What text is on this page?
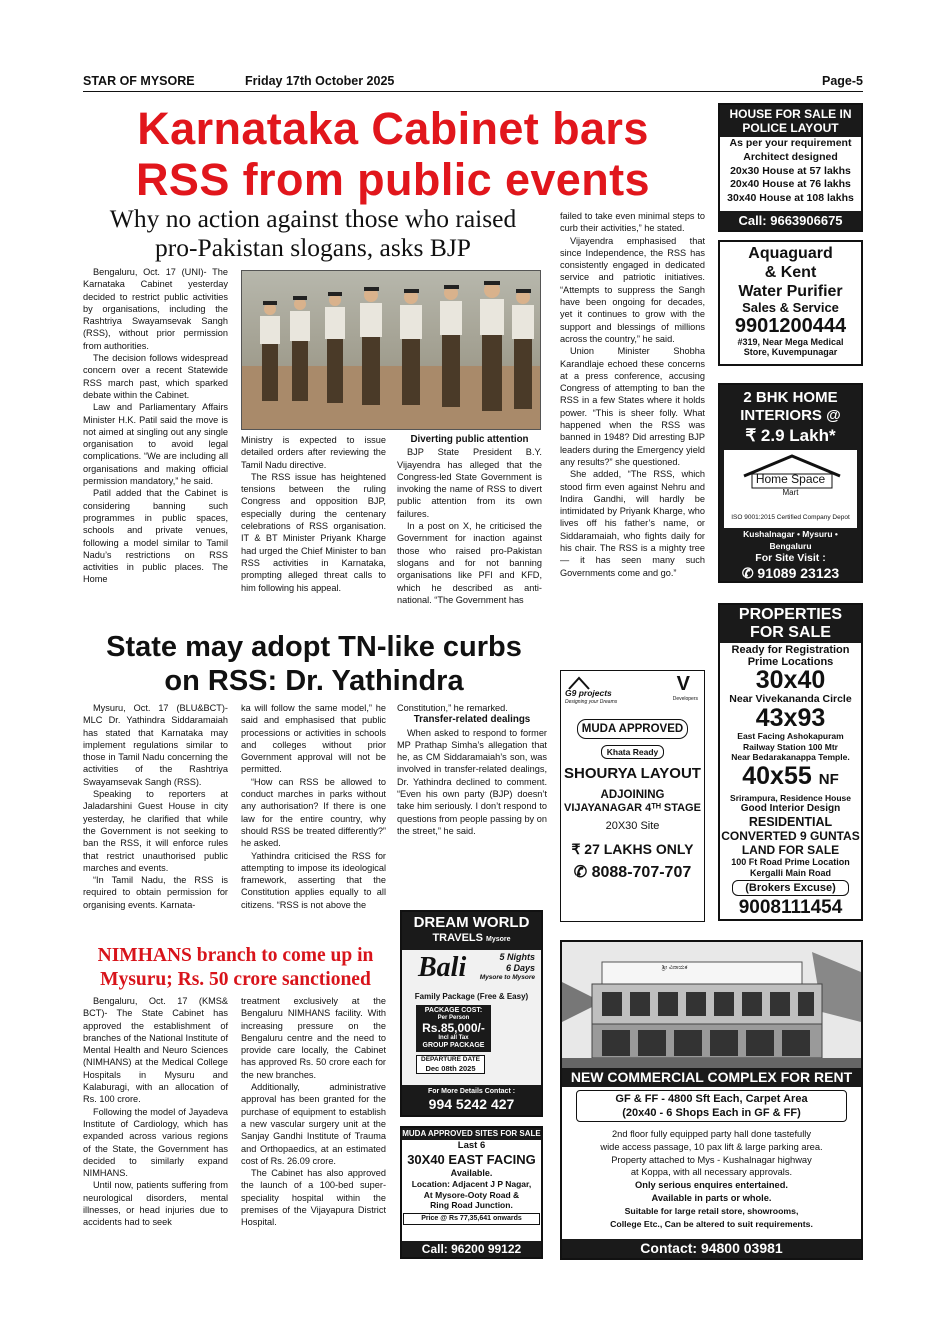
STAR OF MYSORE	Friday 17th October 2025	Page-5
Karnataka Cabinet bars
RSS from public events
Why no action against those who raised
pro-Pakistan slogans, asks BJP

Bengaluru, Oct. 17 (UNI)- The Karnataka Cabinet yesterday decided to restrict public activities by organisations, including the Rashtriya Swayamsevak Sangh (RSS), without prior permission from authorities.

The decision follows widespread concern over a recent Statewide RSS march past, which sparked debate within the Cabinet.

Law and Parliamentary Affairs Minister H.K. Patil said the move is not aimed at singling out any single organisation to avoid legal complications. “We are including all organisations and making official permission mandatory,” he said.

Patil added that the Cabinet is considering banning such programmes in public spaces, schools and private venues, following a model similar to Tamil Nadu’s restrictions on RSS activities in public places. The Home

Ministry is expected to issue detailed orders after reviewing the Tamil Nadu directive.

The RSS issue has heightened tensions between the ruling Congress and opposition BJP, especially during the centenary celebrations of RSS organisation. IT & BT Minister Priyank Kharge had urged the Chief Minister to ban RSS activities in Karnataka, prompting alleged threat calls to him following his appeal.

Diverting public attention

BJP State President B.Y. Vijayendra has alleged that the Congress-led State Government is invoking the name of RSS to divert public attention from its own failures.

In a post on X, he criticised the Government for inaction against those who raised pro-Pakistan slogans and for not banning organisations like PFI and KFD, which he described as anti-national. “The Government has

failed to take even minimal steps to curb their activities,” he stated.

Vijayendra emphasised that since Independence, the RSS has consistently engaged in dedicated service and patriotic initiatives. “Attempts to suppress the Sangh have been ongoing for decades, yet it continues to grow with the support and blessings of millions across the country,” he said.

Union Minister Shobha Karandlaje echoed these concerns at a press conference, accusing Congress of attempting to ban the RSS in a few States where it holds power. “This is sheer folly. What happened when the RSS was banned in 1948? Did arresting BJP leaders during the Emergency yield any results?” she questioned.

She added, “The RSS, which stood firm even against Nehru and Indira Gandhi, will hardly be intimidated by Priyank Kharge, who lives off his father’s name, or Siddaramaiah, who fights daily for his chair. The RSS is a mighty tree — it has seen many such Governments come and go.”

State may adopt TN-like curbs
on RSS: Dr. Yathindra

Mysuru, Oct. 17 (BLU&BCT)- MLC Dr. Yathindra Siddaramaiah has stated that Karnataka may implement regulations similar to those in Tamil Nadu concerning the activities of the Rashtriya Swayamsevak Sangh (RSS).

Speaking to reporters at Jaladarshini Guest House in city yesterday, he clarified that while the Government is not seeking to ban the RSS, it will enforce rules that restrict unauthorised public marches and events.

“In Tamil Nadu, the RSS is required to obtain permission for organising events. Karnata-

ka will follow the same model,” he said and emphasised that public processions or activities in schools and colleges without prior Government approval will not be permitted.

“How can RSS be allowed to conduct marches in parks without any authorisation? If there is one law for the entire country, why should RSS be treated differently?” he asked.

Yathindra criticised the RSS for attempting to impose its ideological framework, asserting that the Constitution applies equally to all citizens. “RSS is not above the

Constitution,” he remarked.

Transfer-related dealings

When asked to respond to former MP Prathap Simha’s allegation that he, as CM Siddaramaiah’s son, was involved in transfer-related dealings, Dr. Yathindra declined to comment. “Even his own party (BJP) doesn’t take him seriously. I don’t respond to questions from people passing by on the street,” he said.

NIMHANS branch to come up in
Mysuru; Rs. 50 crore sanctioned

Bengaluru, Oct. 17 (KMS& BCT)- The State Cabinet has approved the establishment of branches of the National Institute of Mental Health and Neuro Sciences (NIMHANS) at the Medical College Hospitals in Mysuru and Kalaburagi, with an allocation of Rs. 100 crore.

Following the model of Jayadeva Institute of Cardiology, which has expanded across various regions of the State, the Government has decided to similarly expand NIMHANS.

Until now, patients suffering from neurological disorders, mental illnesses, or head injuries due to accidents had to seek

treatment exclusively at the Bengaluru NIMHANS facility. With increasing pressure on the Bengaluru centre and the need to provide care locally, the Cabinet has approved Rs. 50 crore each for the new branches.

Additionally, administrative approval has been granted for the purchase of equipment to establish a new vascular surgery unit at the Sanjay Gandhi Institute of Trauma and Orthopaedics, at an estimated cost of Rs. 26.09 crore.

The Cabinet has also approved the launch of a 100-bed super-speciality hospital within the premises of the Vijayapura District Hospital.

HOUSE FOR SALE IN POLICE LAYOUT
As per your requirement
Architect designed
20x30 House at 57 lakhs
20x40 House at 76 lakhs
30x40 House at 108 lakhs
Call: 9663906675
Aquaguard
& Kent
Water Purifier
Sales & Service
9901200444
#319, Near Mega Medical Store, Kuvempunagar
2 BHK HOME
INTERIORS @
₹ 2.9 Lakh*
Home Space
Mart
ISO 9001:2015 Certified Company Depot
Kushalnagar • Mysuru • Bengaluru
For Site Visit :
✆ 91089 23123
PROPERTIES FOR SALE
Ready for Registration
Prime Locations
30x40
Near Vivekananda Circle
43x93
East Facing Ashokapuram
Railway Station 100 Mtr
Near Bedarakanappa Temple.
40x55 NF
Srirampura, Residence House
Good Interior Design
RESIDENTIAL
CONVERTED 9 GUNTAS
LAND FOR SALE
100 Ft Road Prime Location
Kergalli Main Road
(Brokers Excuse)
9008111454
G9 projects
Designing your Dreams
V
Developers
MUDA APPROVED
Khata Ready
SHOURYA LAYOUT
ADJOINING
VIJAYANAGAR 4ᵀᴴ STAGE
20X30 Site
₹ 27 LAKHS ONLY
✆ 8088-707-707
DREAM WORLD
TRAVELS Mysore
Bali	5 Nights
6 Days
Mysore to Mysore
Family Package (Free & Easy)
PACKAGE COST:
Per Person
Rs.85,000/-
Incl all Tax
GROUP PACKAGE
DEPARTURE DATE
Dec 08th 2025
For More Details Contact :
994 5242 427
MUDA APPROVED SITES FOR SALE
Last 6
30X40 EAST FACING
Available.
Location: Adjacent J P Nagar,
At Mysore-Ooty Road &
Ring Road Junction.
Price @ Rs 77,35,641 onwards
Call: 96200 99122
ಶ್ರೀ ವಿನಾಯಕ
NEW COMMERCIAL COMPLEX FOR RENT
GF & FF - 4800 Sft Each, Carpet Area
(20x40 - 6 Shops Each in GF & FF)
2nd floor fully equipped party hall done tastefully
wide access passage, 10 pax lift & large parking area.
Property attached to Mys - Kushalnagar highway
at Koppa, with all necessary approvals.
Only serious enquires entertained.
Available in parts or whole.
Suitable for large retail store, showrooms,
College Etc., Can be altered to suit requirements.
Contact: 94800 03981
